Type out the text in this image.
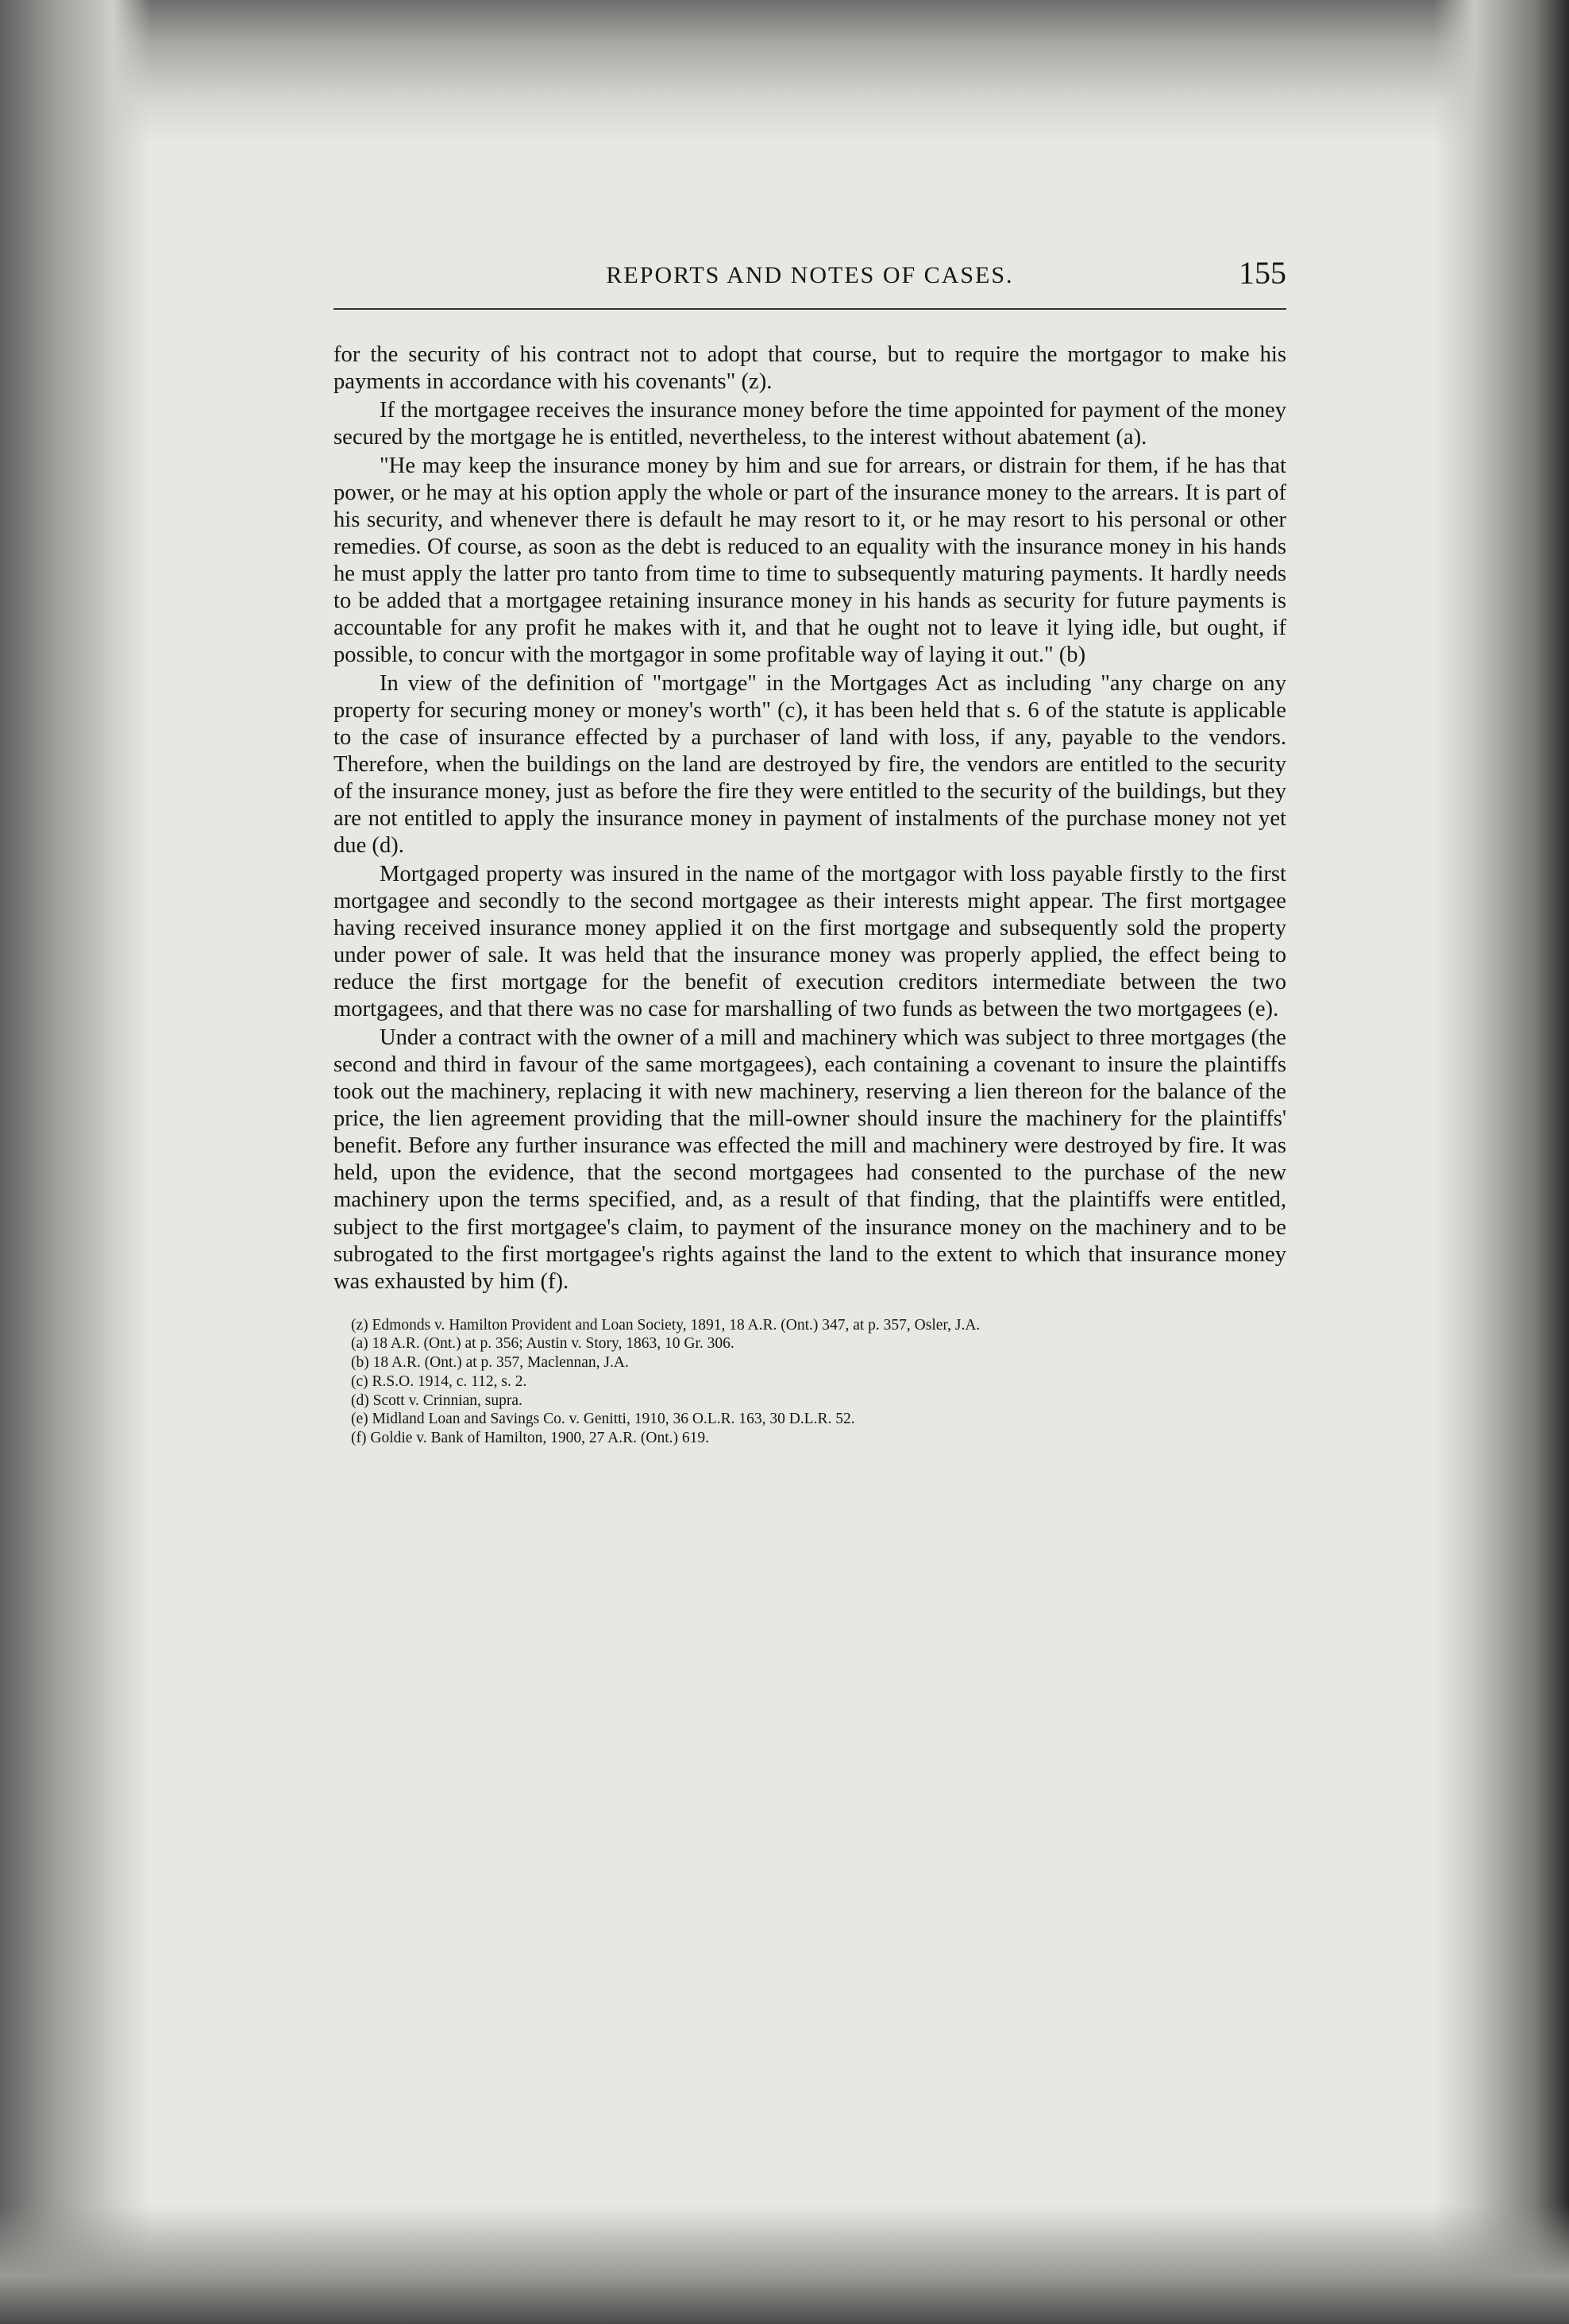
REPORTS AND NOTES OF CASES.	155

for the security of his contract not to adopt that course, but to require the mortgagor to make his payments in accordance with his covenants" (z).

If the mortgagee receives the insurance money before the time appointed for payment of the money secured by the mortgage he is entitled, nevertheless, to the interest without abatement (a).

"He may keep the insurance money by him and sue for arrears, or distrain for them, if he has that power, or he may at his option apply the whole or part of the insurance money to the arrears. It is part of his security, and whenever there is default he may resort to it, or he may resort to his personal or other remedies. Of course, as soon as the debt is reduced to an equality with the insurance money in his hands he must apply the latter pro tanto from time to time to subsequently maturing payments. It hardly needs to be added that a mortgagee retaining insurance money in his hands as security for future payments is accountable for any profit he makes with it, and that he ought not to leave it lying idle, but ought, if possible, to concur with the mortgagor in some profitable way of laying it out." (b)

In view of the definition of "mortgage" in the Mortgages Act as including "any charge on any property for securing money or money's worth" (c), it has been held that s. 6 of the statute is applicable to the case of insurance effected by a purchaser of land with loss, if any, payable to the vendors. Therefore, when the buildings on the land are destroyed by fire, the vendors are entitled to the security of the insurance money, just as before the fire they were entitled to the security of the buildings, but they are not entitled to apply the insurance money in payment of instalments of the purchase money not yet due (d).

Mortgaged property was insured in the name of the mortgagor with loss payable firstly to the first mortgagee and secondly to the second mortgagee as their interests might appear. The first mortgagee having received insurance money applied it on the first mortgage and subsequently sold the property under power of sale. It was held that the insurance money was properly applied, the effect being to reduce the first mortgage for the benefit of execution creditors intermediate between the two mortgagees, and that there was no case for marshalling of two funds as between the two mortgagees (e).

Under a contract with the owner of a mill and machinery which was subject to three mortgages (the second and third in favour of the same mortgagees), each containing a covenant to insure the plaintiffs took out the machinery, replacing it with new machinery, reserving a lien thereon for the balance of the price, the lien agreement providing that the mill-owner should insure the machinery for the plaintiffs' benefit. Before any further insurance was effected the mill and machinery were destroyed by fire. It was held, upon the evidence, that the second mortgagees had consented to the purchase of the new machinery upon the terms specified, and, as a result of that finding, that the plaintiffs were entitled, subject to the first mortgagee's claim, to payment of the insurance money on the machinery and to be subrogated to the first mortgagee's rights against the land to the extent to which that insurance money was exhausted by him (f).

(z) Edmonds v. Hamilton Provident and Loan Society, 1891, 18 A.R. (Ont.) 347, at p. 357, Osler, J.A.

(a) 18 A.R. (Ont.) at p. 356; Austin v. Story, 1863, 10 Gr. 306.

(b) 18 A.R. (Ont.) at p. 357, Maclennan, J.A.

(c) R.S.O. 1914, c. 112, s. 2.

(d) Scott v. Crinnian, supra.

(e) Midland Loan and Savings Co. v. Genitti, 1910, 36 O.L.R. 163, 30 D.L.R. 52.

(f) Goldie v. Bank of Hamilton, 1900, 27 A.R. (Ont.) 619.
